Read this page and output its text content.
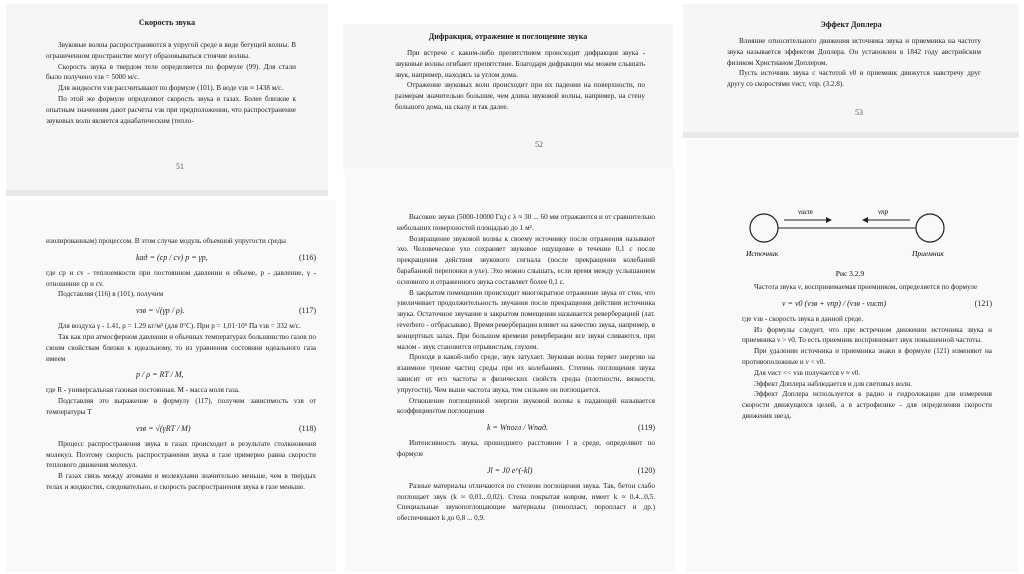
Скорость звука

Звуковые волны распространяются в упругой среде в виде бегущей волны. В ограниченном пространстве могут образовываться стоячие волны.

Скорость звука в твердом теле определяется по формуле (99). Для стали было получено vзв = 5000 м/с.

Для жидкости vзв рассчитывают по формуле (101). В воде vзв ≈ 1438 м/с.

По этой же формуле определяют скорость звука в газах. Более близкие к опытным значениям дают расчеты vзв при предположении, что распространение звуковых волн является адиабатическим (тепло-

51
Дифракция, отражение и поглощение звука

При встрече с каким-либо препятствием происходит дифракция звука - звуковые волны огибают препятствие. Благодаря дифракции мы можем слышать звук, например, находясь за углом дома.

Отражение звуковых волн происходит при их падении на поверхности, по размерам значительно большие, чем длина звуковой волны, например, на стену большого дома, на скалу и так далее.

52
Эффект Доплера

Влияние относительного движения источника звука и приемника на частоту звука называется эффектом Доплера. Он установлен в 1842 году австрийским физиком Христианом Доплером.

Пусть источник звука с частотой ν0 и приемник движутся навстречу друг другу со скоростями vист, vпр. (3.2.8).

53

изолированным) процессом. В этом случае модуль объемной упругости среды

kад = (cp / cv) p = γp,	(116)

где cp и cv - теплоемкости при постоянном давлении и объеме, p - давление, γ - отношение cp и cv.

Подставляя (116) в (101), получим

vзв = √(γp / ρ).	(117)

Для воздуха γ - 1.41, ρ = 1.29 кг/м³ (для 0°С). При p = 1,01·10⁵ Па vзв = 332 м/с.

Так как при атмосферном давлении и обычных температурах большинство газов по своим свойствам близки к идеальному, то из уравнения состояния идеального газа имеем

p / ρ = RT / M,

где R - универсальная газовая постоянная. M - масса моля газа.

Подставляя это выражение в формулу (117), получим зависимость vзв от температуры T

vзв = √(γRT / M)	(118)

Процесс распространения звука в газах происходит в результате столкновения молекул. Поэтому скорость распространения звука в газе примерно равна скорости теплового движения молекул.

В газах связь между атомами и молекулами значительно меньше, чем в твердых телах и жидкостях, следовательно, и скорость распространения звука в газе меньше.

Высокие звуки (5000-10000 Гц) с λ ≈ 30 ... 60 мм отражаются и от сравнительно небольших поверхностей площадью до 1 м².

Возвращение звуковой волны к своему источнику после отражения называют эхо. Человеческое ухо сохраняет звуковое ощущение в течение 0,1 с после прекращения действия звукового сигнала (после прекращения колебаний барабанной перепонки в ухе). Эхо можно слышать, если время между услышанием основного и отраженного звука составляет более 0,1 с.

В закрытом помещении происходит многократное отражение звука от стен, что увеличивает продолжительность звучания после прекращения действия источника звука. Остаточное звучание в закрытом помещении называется реверберацией (лат. reverbero - отбрасываю). Время реверберации влияет на качество звука, например, в концертных залах. При большом времени реверберации все звуки сливаются, при малом - звук становится отрывистым, глухим.

Проходя в какой-либо среде, звук затухает. Звуковая волна теряет энергию на взаимное трение частиц среды при их колебаниях. Степень поглощения звука зависит от его частоты и физических свойств среды (плотности, вязкости, упругости). Чем выше частота звука, тем сильнее он поглощается.

Отношение поглощенной энергии звуковой волны к падающей называется коэффициентом поглощения

k = Wпогл / Wпад.	(119)

Интенсивность звука, прошедшего расстояние l в среде, определяют по формуле

Jl = J0 e^(-kl)	(120)

Разные материалы отличаются по степени поглощения звука. Так, бетон слабо поглощает звук (k ≈ 0,01...0,02). Стена покрытая ковром, имеет k ≈ 0,4...0,5. Специальные звукопоглощающие материалы (пенопласт, поропласт и др.) обеспечивают k до 0,8 ... 0,9.

vист	vпр
Источник	Приемник
Рис 3.2.9

Частота звука ν, воспринимаемая приемником, определяется по формуле

ν = ν0 (vзв + vпр) / (vзв - vист)	(121)

где vзв - скорость звука в данной среде.

Из формулы следует, что при встречном движении источника звука и приемника ν > ν0. То есть приемник воспринимает звук повышенной частоты.

При удалении источника и приемника знаки в формуле (121) изменяют на противоположные и ν < ν0.

Для vист << vзв получается ν ≈ ν0.

Эффект Доплера наблюдается и для световых волн.

Эффект Доплера используется в радио и гидролокации для измерения скорости движущихся целей, а в астрофизике - для определения скорости движения звезд.
